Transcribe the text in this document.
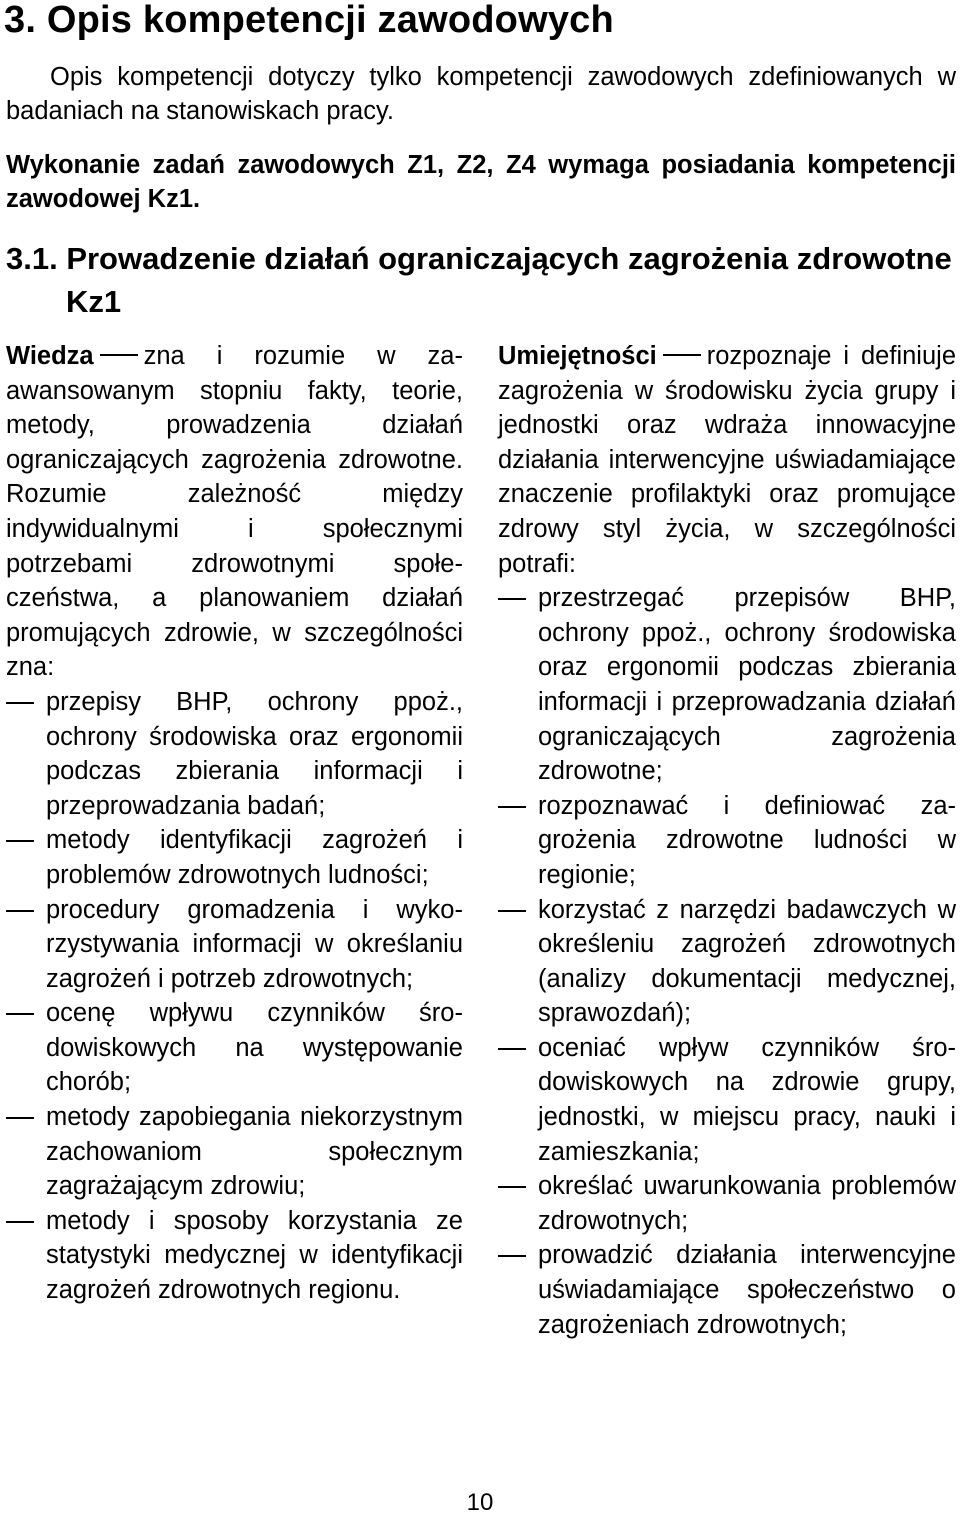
3. Opis kompetencji zawodowych

Opis kompetencji dotyczy tylko kompetencji zawodowych zdefiniowanych w badaniach na stanowiskach pracy.

Wykonanie zadań zawodowych Z1, Z2, Z4 wymaga posiadania kompetencji zawodowej Kz1.

3.1. Prowadzenie działań ograniczających zagrożenia zdrowotne Kz1

Wiedza zna i rozumie w zaawansowanym stopniu fakty, teorie, metody, prowadzenia działań ograniczających zagrożenia zdrowotne. Rozumie zależność między indywidualnymi i społecznymi potrzebami zdrowotnymi społeczeństwa, a planowaniem działań promujących zdrowie, w szczególności zna:

przepisy BHP, ochrony ppoż., ochrony środowiska oraz ergonomii podczas zbierania informacji i przeprowadzania badań;
metody identyfikacji zagrożeń i problemów zdrowotnych ludności;
procedury gromadzenia i wykorzystywania informacji w określaniu zagrożeń i potrzeb zdrowotnych;
ocenę wpływu czynników środowiskowych na występowanie chorób;
metody zapobiegania niekorzystnym zachowaniom społecznym zagrażającym zdrowiu;
metody i sposoby korzystania ze statystyki medycznej w identyfikacji zagrożeń zdrowotnych regionu.

Umiejętności rozpoznaje i definiuje zagrożenia w środowisku życia grupy i jednostki oraz wdraża innowacyjne działania interwencyjne uświadamiające znaczenie profilaktyki oraz promujące zdrowy styl życia, w szczególności potrafi:

przestrzegać przepisów BHP, ochrony ppoż., ochrony środowiska oraz ergonomii podczas zbierania informacji i przeprowadzania działań ograniczających zagrożenia zdrowotne;
rozpoznawać i definiować zagrożenia zdrowotne ludności w regionie;
korzystać z narzędzi badawczych w określeniu zagrożeń zdrowotnych (analizy dokumentacji medycznej, sprawozdań);
oceniać wpływ czynników środowiskowych na zdrowie grupy, jednostki, w miejscu pracy, nauki i zamieszkania;
określać uwarunkowania problemów zdrowotnych;
prowadzić działania interwencyjne uświadamiające społeczeństwo o zagrożeniach zdrowotnych;
10
